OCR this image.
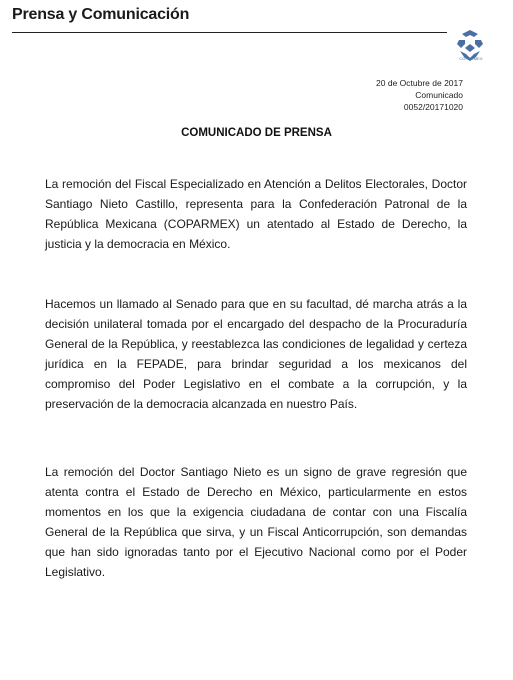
Prensa y Comunicación
COPARMEX
20 de Octubre de 2017
Comunicado
0052/20171020
COMUNICADO DE PRENSA
La remoción del Fiscal Especializado en Atención a Delitos Electorales, Doctor Santiago Nieto Castillo, representa para la Confederación Patronal de la República Mexicana (COPARMEX) un atentado al Estado de Derecho, la justicia y la democracia en México.
Hacemos un llamado al Senado para que en su facultad, dé marcha atrás a la decisión unilateral tomada por el encargado del despacho de la Procuraduría General de la República, y reestablezca las condiciones de legalidad y certeza jurídica en la FEPADE, para brindar seguridad a los mexicanos del compromiso del Poder Legislativo en el combate a la corrupción, y la preservación de la democracia alcanzada en nuestro País.
La remoción del Doctor Santiago Nieto es un signo de grave regresión que atenta contra el Estado de Derecho en México, particularmente en estos momentos en los que la exigencia ciudadana de contar con una Fiscalía General de la República que sirva, y un Fiscal Anticorrupción, son demandas que han sido ignoradas tanto por el Ejecutivo Nacional como por el Poder Legislativo.
